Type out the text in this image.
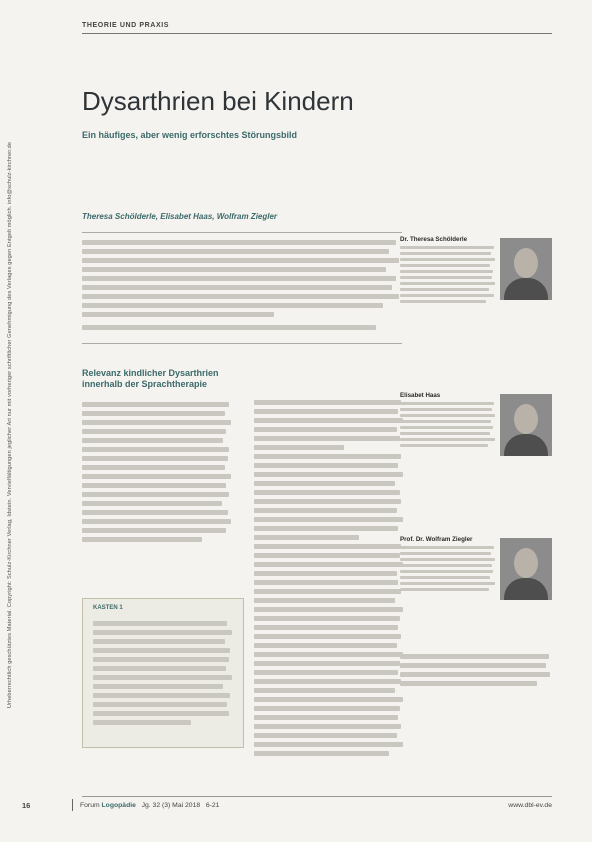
Urheberrechtlich geschütztes Material. Copyright: Schulz-Kirchner Verlag, Idstein. Vervielfältigungen jeglicher Art nur mit vorheriger schriftlicher Genehmigung des Verlages gegen Entgelt möglich. info@schulz-kirchner.de
THEORIE UND PRAXIS
Dysarthrien bei Kindern
Ein häufiges, aber wenig erforschtes Störungsbild
Theresa Schölderle, Elisabet Haas, Wolfram Ziegler
Relevanz kindlicher Dysarthrien innerhalb der Sprachtherapie
KASTEN 1
Dr. Theresa Schölderle
Elisabet Haas
Prof. Dr. Wolfram Ziegler
16	Forum Logopädie Jg. 32 (3) Mai 2018 6-21	www.dbl-ev.de
